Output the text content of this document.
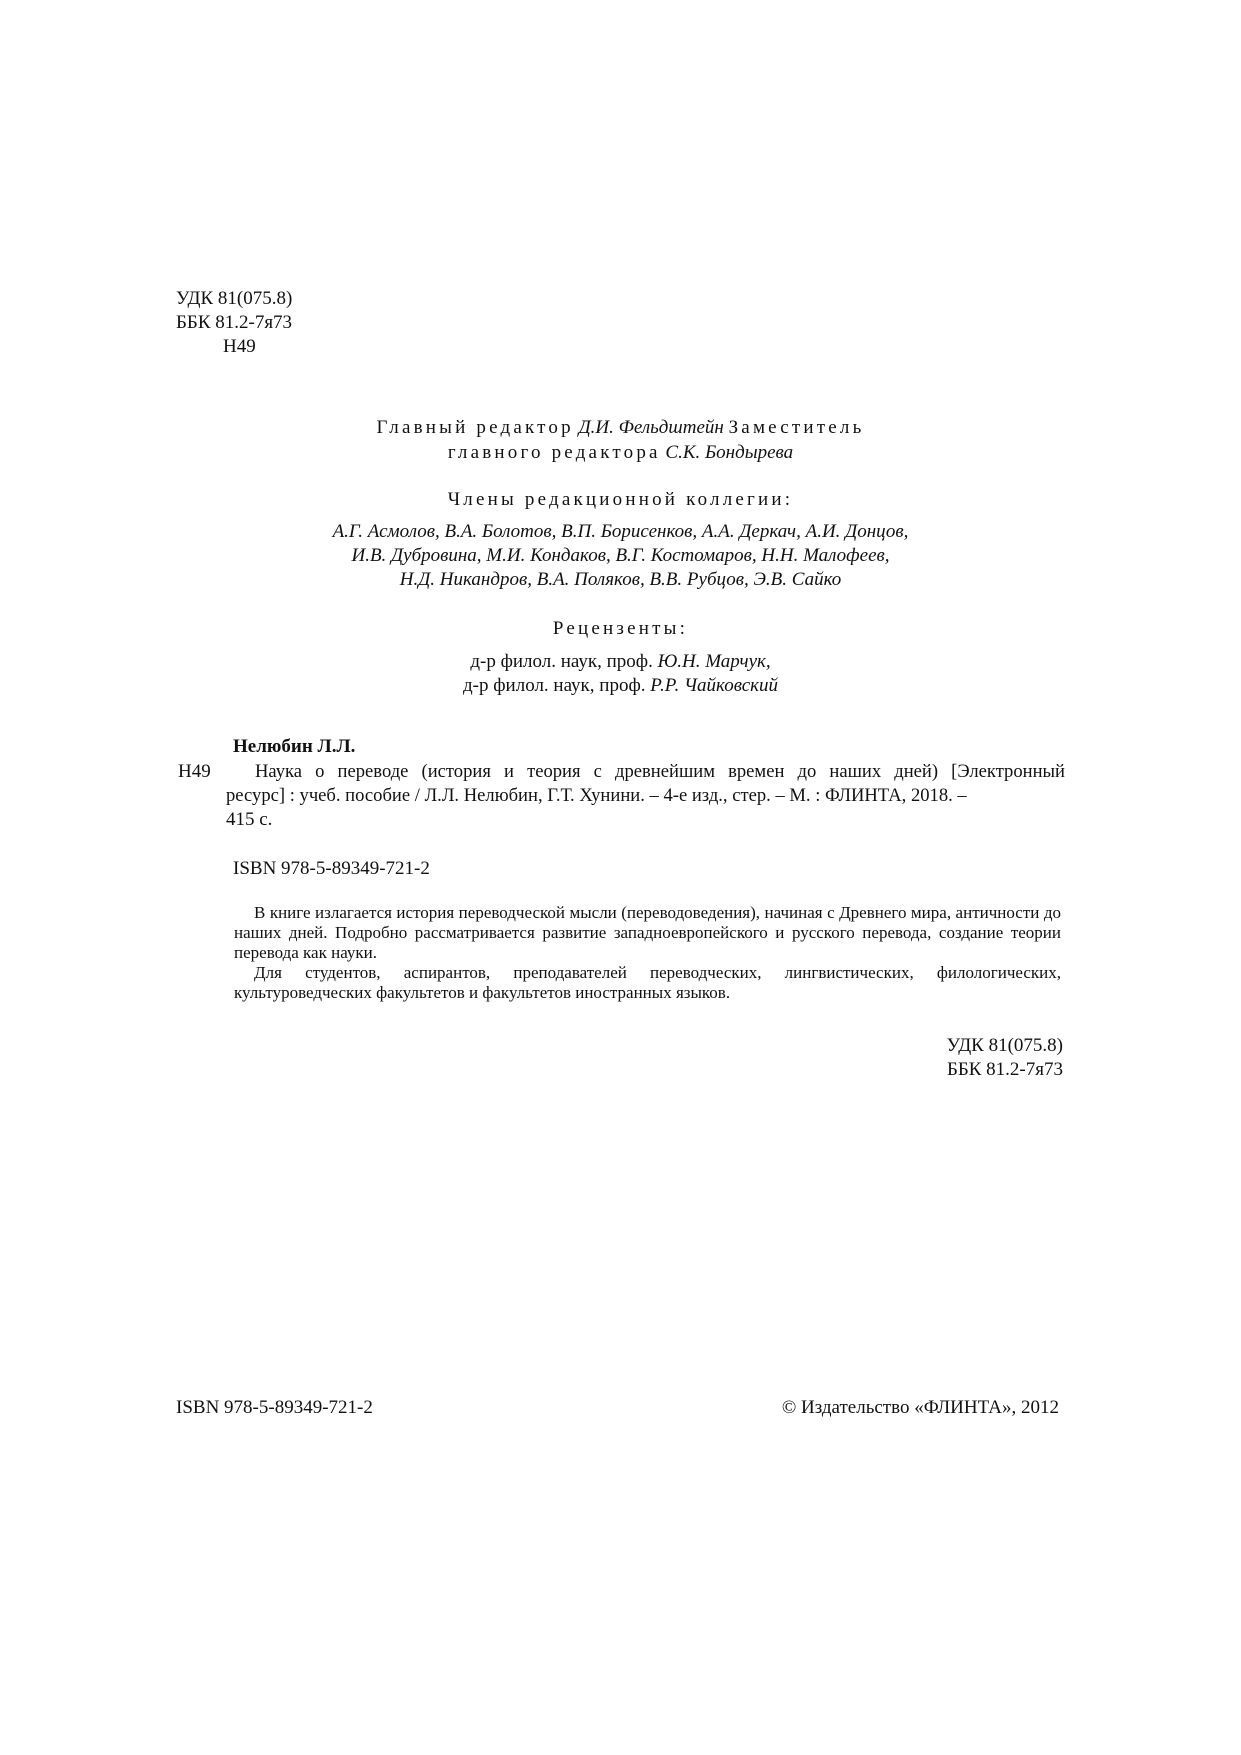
УДК 81(075.8)
ББК 81.2-7я73
Н49
Главный редактор Д.И. Фельдштейн Заместитель
главного редактора С.К. Бондырева
Члены редакционной коллегии:
А.Г. Асмолов, В.А. Болотов, В.П. Борисенков, А.А. Деркач, А.И. Донцов,
И.В. Дубровина, М.И. Кондаков, В.Г. Костомаров, Н.Н. Малофеев,
Н.Д. Никандров, В.А. Поляков, В.В. Рубцов, Э.В. Сайко
Рецензенты:
д-р филол. наук, проф. Ю.Н. Марчук,
д-р филол. наук, проф. Р.Р. Чайковский
Нелюбин Л.Л.
Н49 Наука о переводе (история и теория с древнейшим времен до наших дней) [Электронный
ресурс] : учеб. пособие / Л.Л. Нелюбин, Г.Т. Хунини. – 4-е изд., стер. – М. : ФЛИНТА, 2018. –
415 с.
ISBN 978-5-89349-721-2

В книге излагается история переводческой мысли (переводоведения), начиная с Древнего мира, античности до наших дней. Подробно рассматривается развитие западноевропейского и русского перевода, создание теории перевода как науки.

Для студентов, аспирантов, преподавателей переводческих, лингвистических, филологических, культуроведческих факультетов и факультетов иностранных языков.

УДК 81(075.8)
ББК 81.2-7я73
ISBN 978-5-89349-721-2	© Издательство «ФЛИНТА», 2012
